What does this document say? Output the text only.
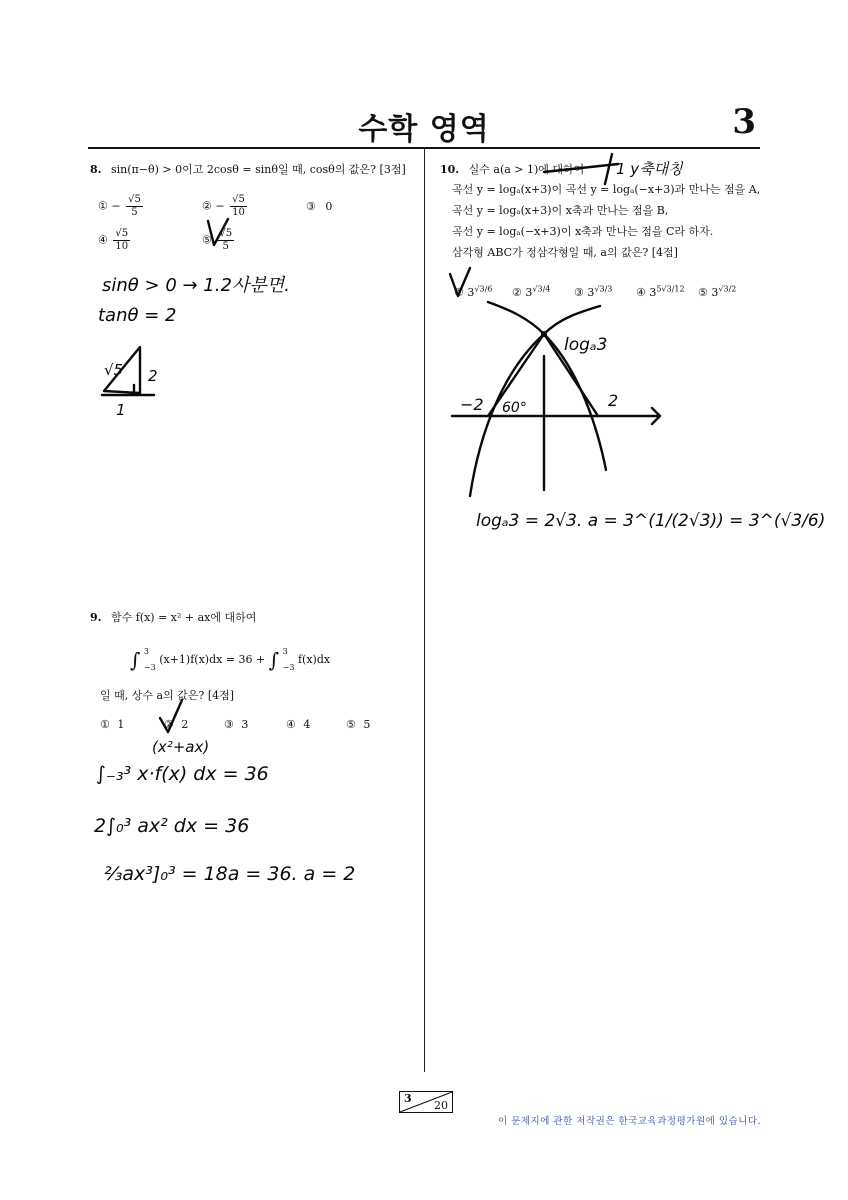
수학 영역	3
8. sin(π−θ) > 0이고 2cosθ = sinθ일 때, cosθ의 값은? [3점]
① − $\frac{√5}{5}$	② − $\frac{√5}{10}$	③ 0
④ $\frac{√5}{10}$	⑤ $\frac{√5}{5}$
sinθ > 0 → 1.2사분면.
tanθ = 2
√5 2
1
9. 함수 f(x) = x² + ax에 대하여
∫ 3
−3
(x+1)f(x)dx = 36 + ∫ 3
−3
f(x)dx
일 때, 상수 a의 값은? [4점]
① 1	② 2	③ 3	④ 4	⑤ 5
(x²+ax)
∫₋₃³ x·f(x) dx = 36
2∫₀³ ax² dx = 36
⅔ax³]₀³ = 18a = 36. a = 2
10. 실수 a(a > 1)에 대하여
곡선 y = logₐ(x+3)이 곡선 y = logₐ(−x+3)과 만나는 점을 A,
곡선 y = logₐ(x+3)이 x축과 만나는 점을 B,
곡선 y = logₐ(−x+3)이 x축과 만나는 점을 C라 하자.
삼각형 ABC가 정삼각형일 때, a의 값은? [4점]
① $3^{√3/6}$ ② $3^{√3/4}$ ③ $3^{√3/3}$ ④ $3^{5√3/12}$ ⑤ $3^{√3/2}$
1 y축대칭
logₐ3
−2 60°	2
logₐ3 = 2√3. a = 3^(1/(2√3)) = 3^(√3/6)
3
20
이 문제지에 관한 저작권은 한국교육과정평가원에 있습니다.
